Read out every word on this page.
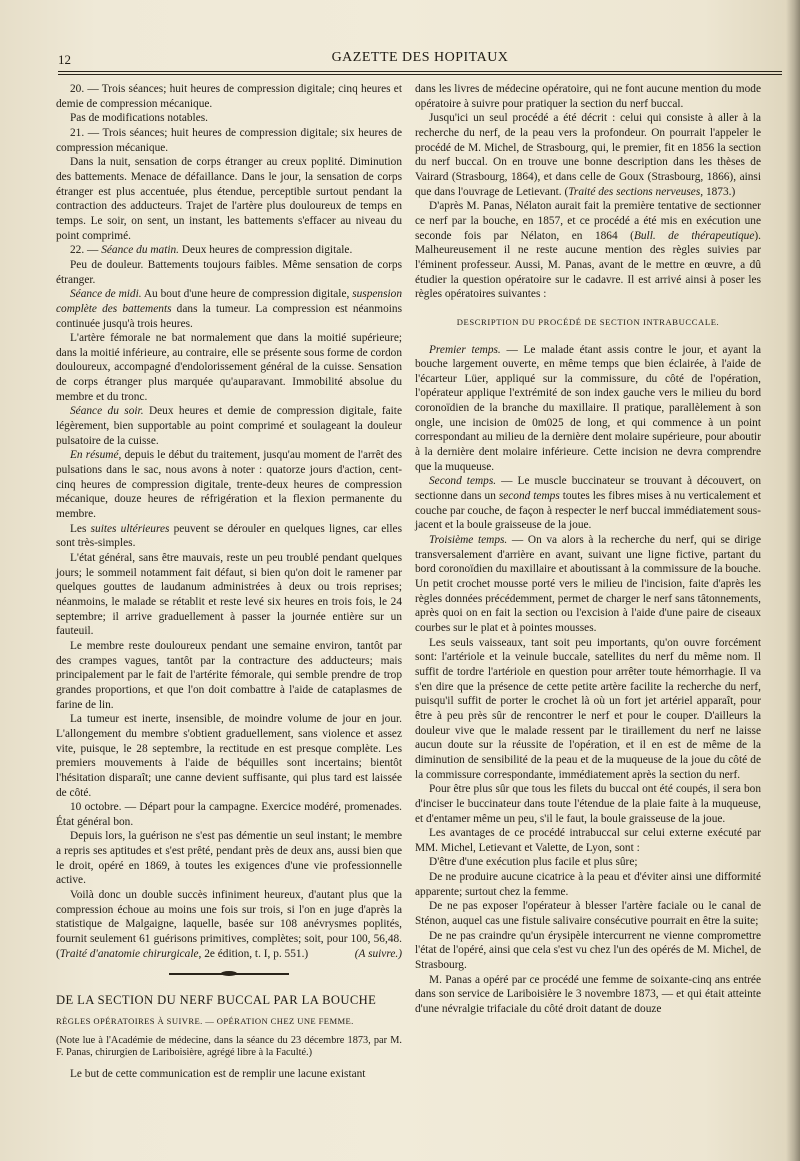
12	GAZETTE DES HOPITAUX

20. — Trois séances; huit heures de compression digitale; cinq heures et demie de compression mécanique.

Pas de modifications notables.

21. — Trois séances; huit heures de compression digitale; six heures de compression mécanique.

Dans la nuit, sensation de corps étranger au creux poplité. Diminution des battements. Menace de défaillance. Dans le jour, la sensation de corps étranger est plus accentuée, plus étendue, perceptible surtout pendant la contraction des adducteurs. Trajet de l'artère plus douloureux de temps en temps. Le soir, on sent, un instant, les battements s'effacer au niveau du point comprimé.

22. — Séance du matin. Deux heures de compression digitale.

Peu de douleur. Battements toujours faibles. Même sensation de corps étranger.

Séance de midi. Au bout d'une heure de compression digitale, suspension complète des battements dans la tumeur. La compression est néanmoins continuée jusqu'à trois heures.

L'artère fémorale ne bat normalement que dans la moitié supérieure; dans la moitié inférieure, au contraire, elle se présente sous forme de cordon douloureux, accompagné d'endolorissement général de la cuisse. Sensation de corps étranger plus marquée qu'auparavant. Immobilité absolue du membre et du tronc.

Séance du soir. Deux heures et demie de compression digitale, faite légèrement, bien supportable au point comprimé et soulageant la douleur pulsatoire de la cuisse.

En résumé, depuis le début du traitement, jusqu'au moment de l'arrêt des pulsations dans le sac, nous avons à noter : quatorze jours d'action, cent-cinq heures de compression digitale, trente-deux heures de compression mécanique, douze heures de réfrigération et la flexion permanente du membre.

Les suites ultérieures peuvent se dérouler en quelques lignes, car elles sont très-simples.

L'état général, sans être mauvais, reste un peu troublé pendant quelques jours; le sommeil notamment fait défaut, si bien qu'on doit le ramener par quelques gouttes de laudanum administrées à deux ou trois reprises; néanmoins, le malade se rétablit et reste levé six heures en trois fois, le 24 septembre; il arrive graduellement à passer la journée entière sur un fauteuil.

Le membre reste douloureux pendant une semaine environ, tantôt par des crampes vagues, tantôt par la contracture des adducteurs; mais principalement par le fait de l'artérite fémorale, qui semble prendre de trop grandes proportions, et que l'on doit combattre à l'aide de cataplasmes de farine de lin.

La tumeur est inerte, insensible, de moindre volume de jour en jour. L'allongement du membre s'obtient graduellement, sans violence et assez vite, puisque, le 28 septembre, la rectitude en est presque complète. Les premiers mouvements à l'aide de béquilles sont incertains; bientôt l'hésitation disparaît; une canne devient suffisante, qui plus tard est laissée de côté.

10 octobre. — Départ pour la campagne. Exercice modéré, promenades. État général bon.

Depuis lors, la guérison ne s'est pas démentie un seul instant; le membre a repris ses aptitudes et s'est prêté, pendant près de deux ans, aussi bien que le droit, opéré en 1869, à toutes les exigences d'une vie professionnelle active.

Voilà donc un double succès infiniment heureux, d'autant plus que la compression échoue au moins une fois sur trois, si l'on en juge d'après la statistique de Malgaigne, laquelle, basée sur 108 anévrysmes poplités, fournit seulement 61 guérisons primitives, complètes; soit, pour 100, 56,48. (Traité d'anatomie chirurgicale, 2e édition, t. I, p. 551.)	(A suivre.)

DE LA SECTION DU NERF BUCCAL PAR LA BOUCHE

RÈGLES OPÉRATOIRES À SUIVRE. — OPÉRATION CHEZ UNE FEMME.

(Note lue à l'Académie de médecine, dans la séance du 23 décembre 1873, par M. F. Panas, chirurgien de Lariboisière, agrégé libre à la Faculté.)

Le but de cette communication est de remplir une lacune existant

dans les livres de médecine opératoire, qui ne font aucune mention du mode opératoire à suivre pour pratiquer la section du nerf buccal.

Jusqu'ici un seul procédé a été décrit : celui qui consiste à aller à la recherche du nerf, de la peau vers la profondeur. On pourrait l'appeler le procédé de M. Michel, de Strasbourg, qui, le premier, fit en 1856 la section du nerf buccal. On en trouve une bonne description dans les thèses de Vairard (Strasbourg, 1864), et dans celle de Goux (Strasbourg, 1866), ainsi que dans l'ouvrage de Letievant. (Traité des sections nerveuses, 1873.)

D'après M. Panas, Nélaton aurait fait la première tentative de sectionner ce nerf par la bouche, en 1857, et ce procédé a été mis en exécution une seconde fois par Nélaton, en 1864 (Bull. de thérapeutique). Malheureusement il ne reste aucune mention des règles suivies par l'éminent professeur. Aussi, M. Panas, avant de le mettre en œuvre, a dû étudier la question opératoire sur le cadavre. Il est arrivé ainsi à poser les règles opératoires suivantes :

DESCRIPTION DU PROCÉDÉ DE SECTION INTRABUCCALE.

Premier temps. — Le malade étant assis contre le jour, et ayant la bouche largement ouverte, en même temps que bien éclairée, à l'aide de l'écarteur Lüer, appliqué sur la commissure, du côté de l'opération, l'opérateur applique l'extrémité de son index gauche vers le milieu du bord coronoïdien de la branche du maxillaire. Il pratique, parallèlement à son ongle, une incision de 0m025 de long, et qui commence à un point correspondant au milieu de la dernière dent molaire supérieure, pour aboutir à la dernière dent molaire inférieure. Cette incision ne devra comprendre que la muqueuse.

Second temps. — Le muscle buccinateur se trouvant à découvert, on sectionne dans un second temps toutes les fibres mises à nu verticalement et couche par couche, de façon à respecter le nerf buccal immédiatement sous-jacent et la boule graisseuse de la joue.

Troisième temps. — On va alors à la recherche du nerf, qui se dirige transversalement d'arrière en avant, suivant une ligne fictive, partant du bord coronoïdien du maxillaire et aboutissant à la commissure de la bouche. Un petit crochet mousse porté vers le milieu de l'incision, faite d'après les règles données précédemment, permet de charger le nerf sans tâtonnements, après quoi on en fait la section ou l'excision à l'aide d'une paire de ciseaux courbes sur le plat et à pointes mousses.

Les seuls vaisseaux, tant soit peu importants, qu'on ouvre forcément sont: l'artériole et la veinule buccale, satellites du nerf du même nom. Il suffit de tordre l'artériole en question pour arrêter toute hémorrhagie. Il va s'en dire que la présence de cette petite artère facilite la recherche du nerf, puisqu'il suffit de porter le crochet là où un fort jet artériel apparaît, pour être à peu près sûr de rencontrer le nerf et pour le couper. D'ailleurs la douleur vive que le malade ressent par le tiraillement du nerf ne laisse aucun doute sur la réussite de l'opération, et il en est de même de la diminution de sensibilité de la peau et de la muqueuse de la joue du côté de la commissure correspondante, immédiatement après la section du nerf.

Pour être plus sûr que tous les filets du buccal ont été coupés, il sera bon d'inciser le buccinateur dans toute l'étendue de la plaie faite à la muqueuse, et d'entamer même un peu, s'il le faut, la boule graisseuse de la joue.

Les avantages de ce procédé intrabuccal sur celui externe exécuté par MM. Michel, Letievant et Valette, de Lyon, sont :

D'être d'une exécution plus facile et plus sûre;

De ne produire aucune cicatrice à la peau et d'éviter ainsi une difformité apparente; surtout chez la femme.

De ne pas exposer l'opérateur à blesser l'artère faciale ou le canal de Sténon, auquel cas une fistule salivaire consécutive pourrait en être la suite;

De ne pas craindre qu'un érysipèle intercurrent ne vienne compromettre l'état de l'opéré, ainsi que cela s'est vu chez l'un des opérés de M. Michel, de Strasbourg.

M. Panas a opéré par ce procédé une femme de soixante-cinq ans entrée dans son service de Lariboisière le 3 novembre 1873, — et qui était atteinte d'une névralgie trifaciale du côté droit datant de douze
